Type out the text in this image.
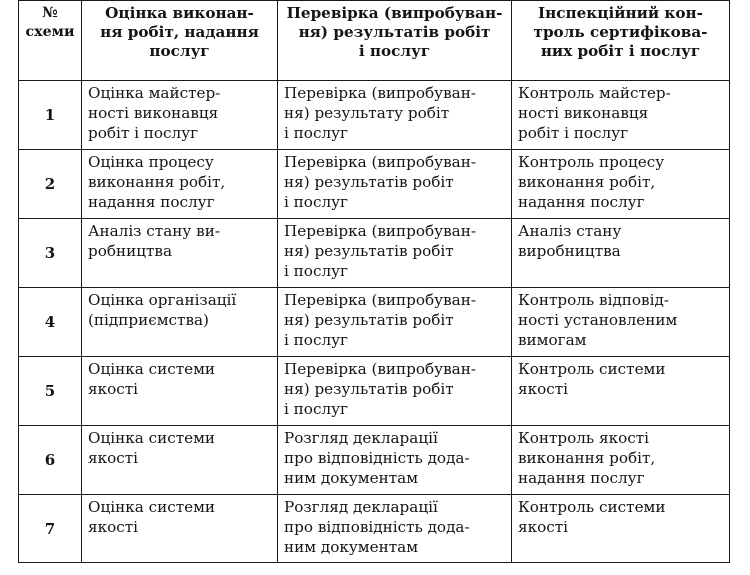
№
схеми	Оцінка виконан-
ня робіт, надання
послуг	Перевірка (випробуван-
ня) результатів робіт
і послуг	Інспекційний кон-
троль сертифікова-
них робіт і послуг
1	Оцінка майстер-
ності виконавця
робіт і послуг	Перевірка (випробуван-
ня) результату робіт
і послуг	Контроль майстер-
ності виконавця
робіт і послуг
2	Оцінка процесу
виконання робіт,
надання послуг	Перевірка (випробуван-
ня) результатів робіт
і послуг	Контроль процесу
виконання робіт,
надання послуг
3	Аналіз стану ви-
робництва	Перевірка (випробуван-
ня) результатів робіт
і послуг	Аналіз стану виробництва
4	Оцінка організації
(підприємства)	Перевірка (випробуван-
ня) результатів робіт
і послуг	Контроль відповід-
ності установленим
вимогам
5	Оцінка системи
якості	Перевірка (випробуван-
ня) результатів робіт
і послуг	Контроль системи
якості
6	Оцінка системи
якості	Розгляд декларації
про відповідність дода-
ним документам	Контроль якості
виконання робіт,
надання послуг
7	Оцінка системи
якості	Розгляд декларації
про відповідність дода-
ним документам	Контроль системи
якості
